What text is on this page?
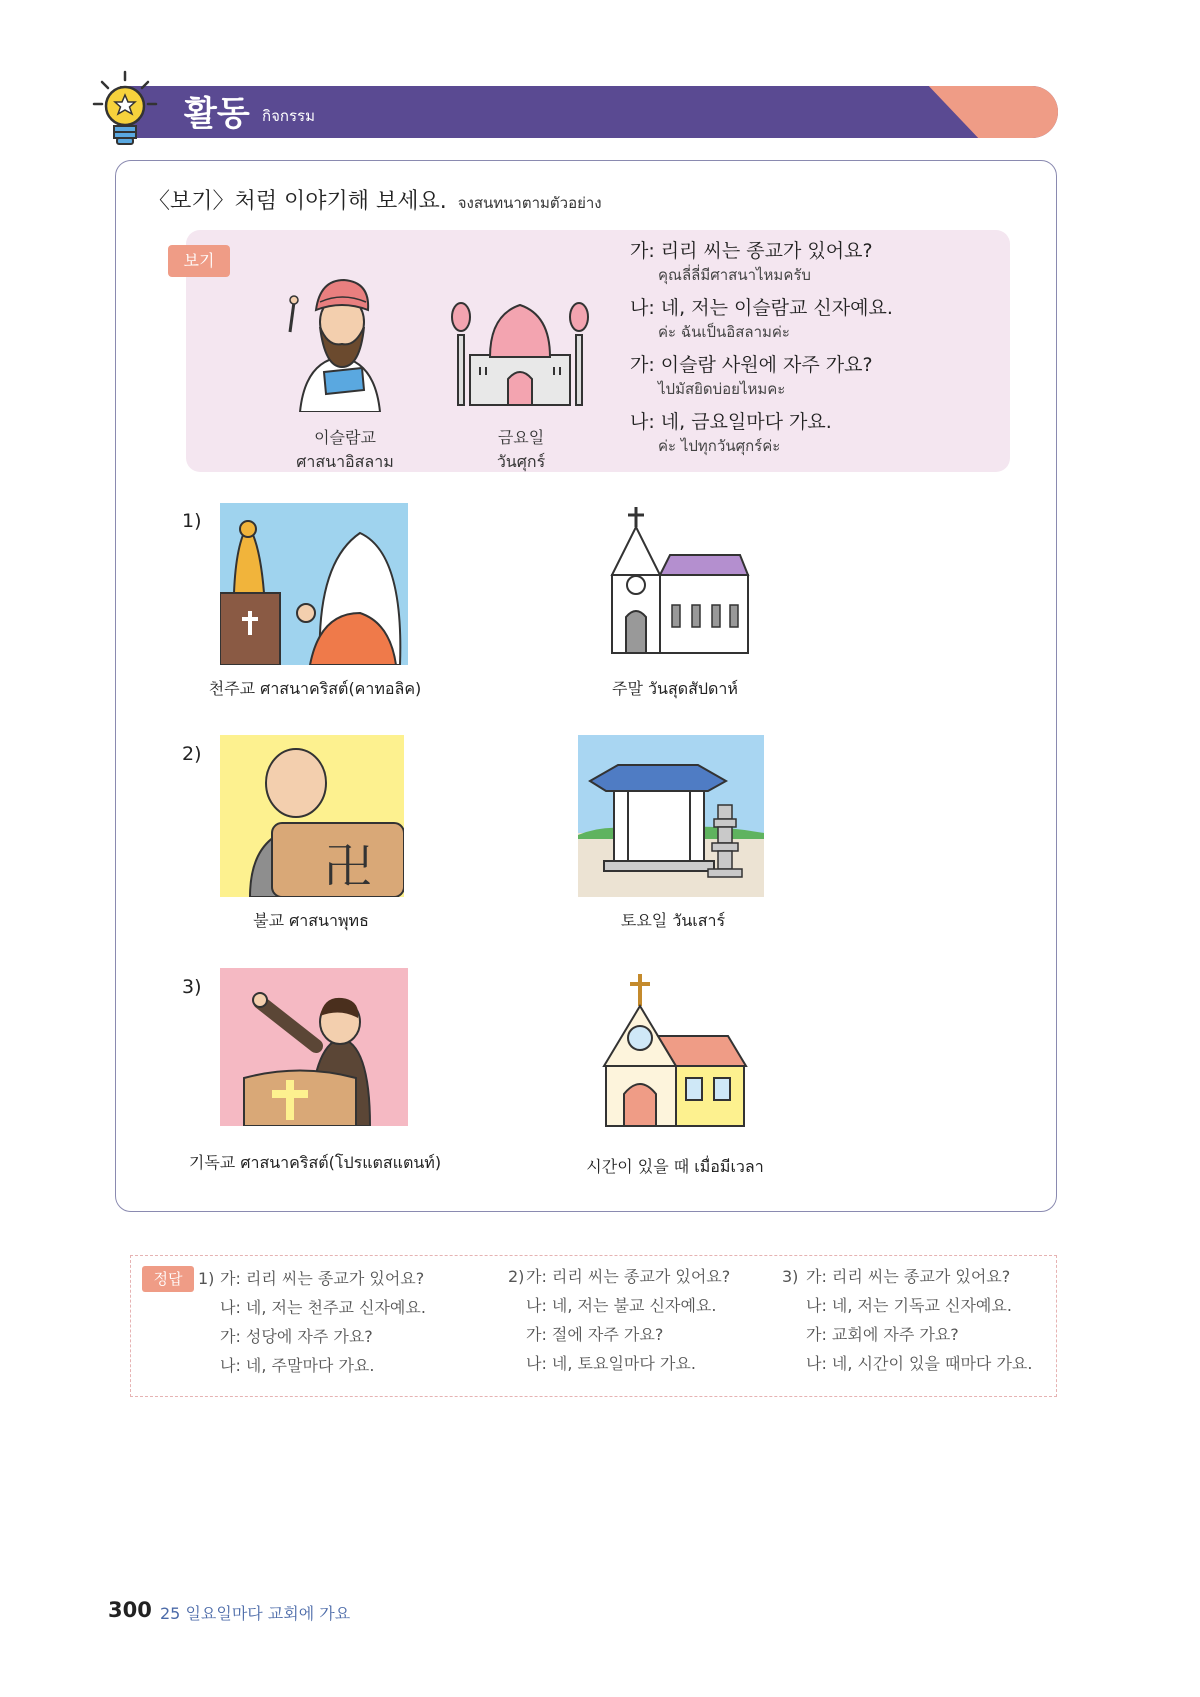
활동 กิจกรรม
〈보기〉처럼 이야기해 보세요. จงสนทนาตามตัวอย่าง
보기
이슬람교
ศาสนาอิสลาม
금요일
วันศุกร์
가: 리리 씨는 종교가 있어요?
คุณลี่ลี่มีศาสนาไหมครับ
나: 네, 저는 이슬람교 신자예요.
ค่ะ ฉันเป็นอิสลามค่ะ
가: 이슬람 사원에 자주 가요?
ไปมัสยิดบ่อยไหมคะ
나: 네, 금요일마다 가요.
ค่ะ ไปทุกวันศุกร์ค่ะ
1)
천주교 ศาสนาคริสต์(คาทอลิค)	주말 วันสุดสัปดาห์
2)
卍
불교 ศาสนาพุทธ	토요일 วันเสาร์
3)
기독교 ศาสนาคริสต์(โปรแตสแตนท์)	시간이 있을 때 เมื่อมีเวลา
정답 1) 가: 리리 씨는 종교가 있어요?
나: 네, 저는 천주교 신자예요.
가: 성당에 자주 가요?
나: 네, 주말마다 가요.
2) 가: 리리 씨는 종교가 있어요?
나: 네, 저는 불교 신자예요.
가: 절에 자주 가요?
나: 네, 토요일마다 가요.
3) 가: 리리 씨는 종교가 있어요?
나: 네, 저는 기독교 신자예요.
가: 교회에 자주 가요?
나: 네, 시간이 있을 때마다 가요.
300 25 일요일마다 교회에 가요
